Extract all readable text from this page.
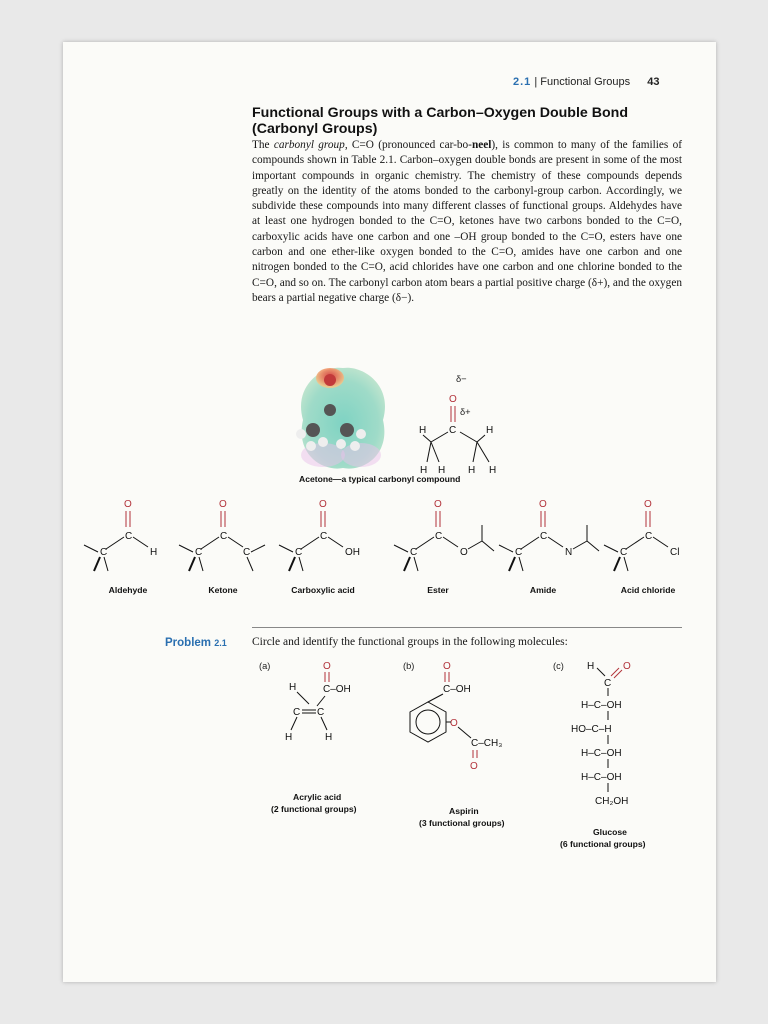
2.1 | Functional Groups 43
Functional Groups with a Carbon–Oxygen Double Bond (Carbonyl Groups)
The carbonyl group, C=O (pronounced car-bo-neel), is common to many of the families of compounds shown in Table 2.1. Carbon–oxygen double bonds are present in some of the most important compounds in organic chemistry. The chemistry of these compounds depends greatly on the identity of the atoms bonded to the carbonyl-group carbon. Accordingly, we subdivide these compounds into many different classes of functional groups. Aldehydes have at least one hydrogen bonded to the C=O, ketones have two carbons bonded to the C=O, carboxylic acids have one carbon and one –OH group bonded to the C=O, esters have one carbon and one ether-like oxygen bonded to the C=O, amides have one carbon and one nitrogen bonded to the C=O, acid chlorides have one carbon and one chlorine bonded to the C=O, and so on. The carbonyl carbon atom bears a partial positive charge (δ+), and the oxygen bears a partial negative charge (δ−).
δ−
O
δ+
C
H	H
H H H H
Acetone—a typical carbonyl compound
O
C
C	H
Aldehyde
O
C
C	C
Ketone
O
C
C	OH
Carboxylic acid
O
C
C	O
Ester
O
C
C	N
Amide
O
C
C	Cl
Acid chloride
Problem 2.1 Circle and identify the functional groups in the following molecules:
(a)	O
C–OH
H
C C
H	H
Acrylic acid
(2 functional groups)
(b)	O
C–OH
O
C–CH₃
O
Aspirin
(3 functional groups)
(c) H	O
C
H–C–OH
HO–C–H
H–C–OH
H–C–OH
CH₂OH
Glucose
(6 functional groups)
